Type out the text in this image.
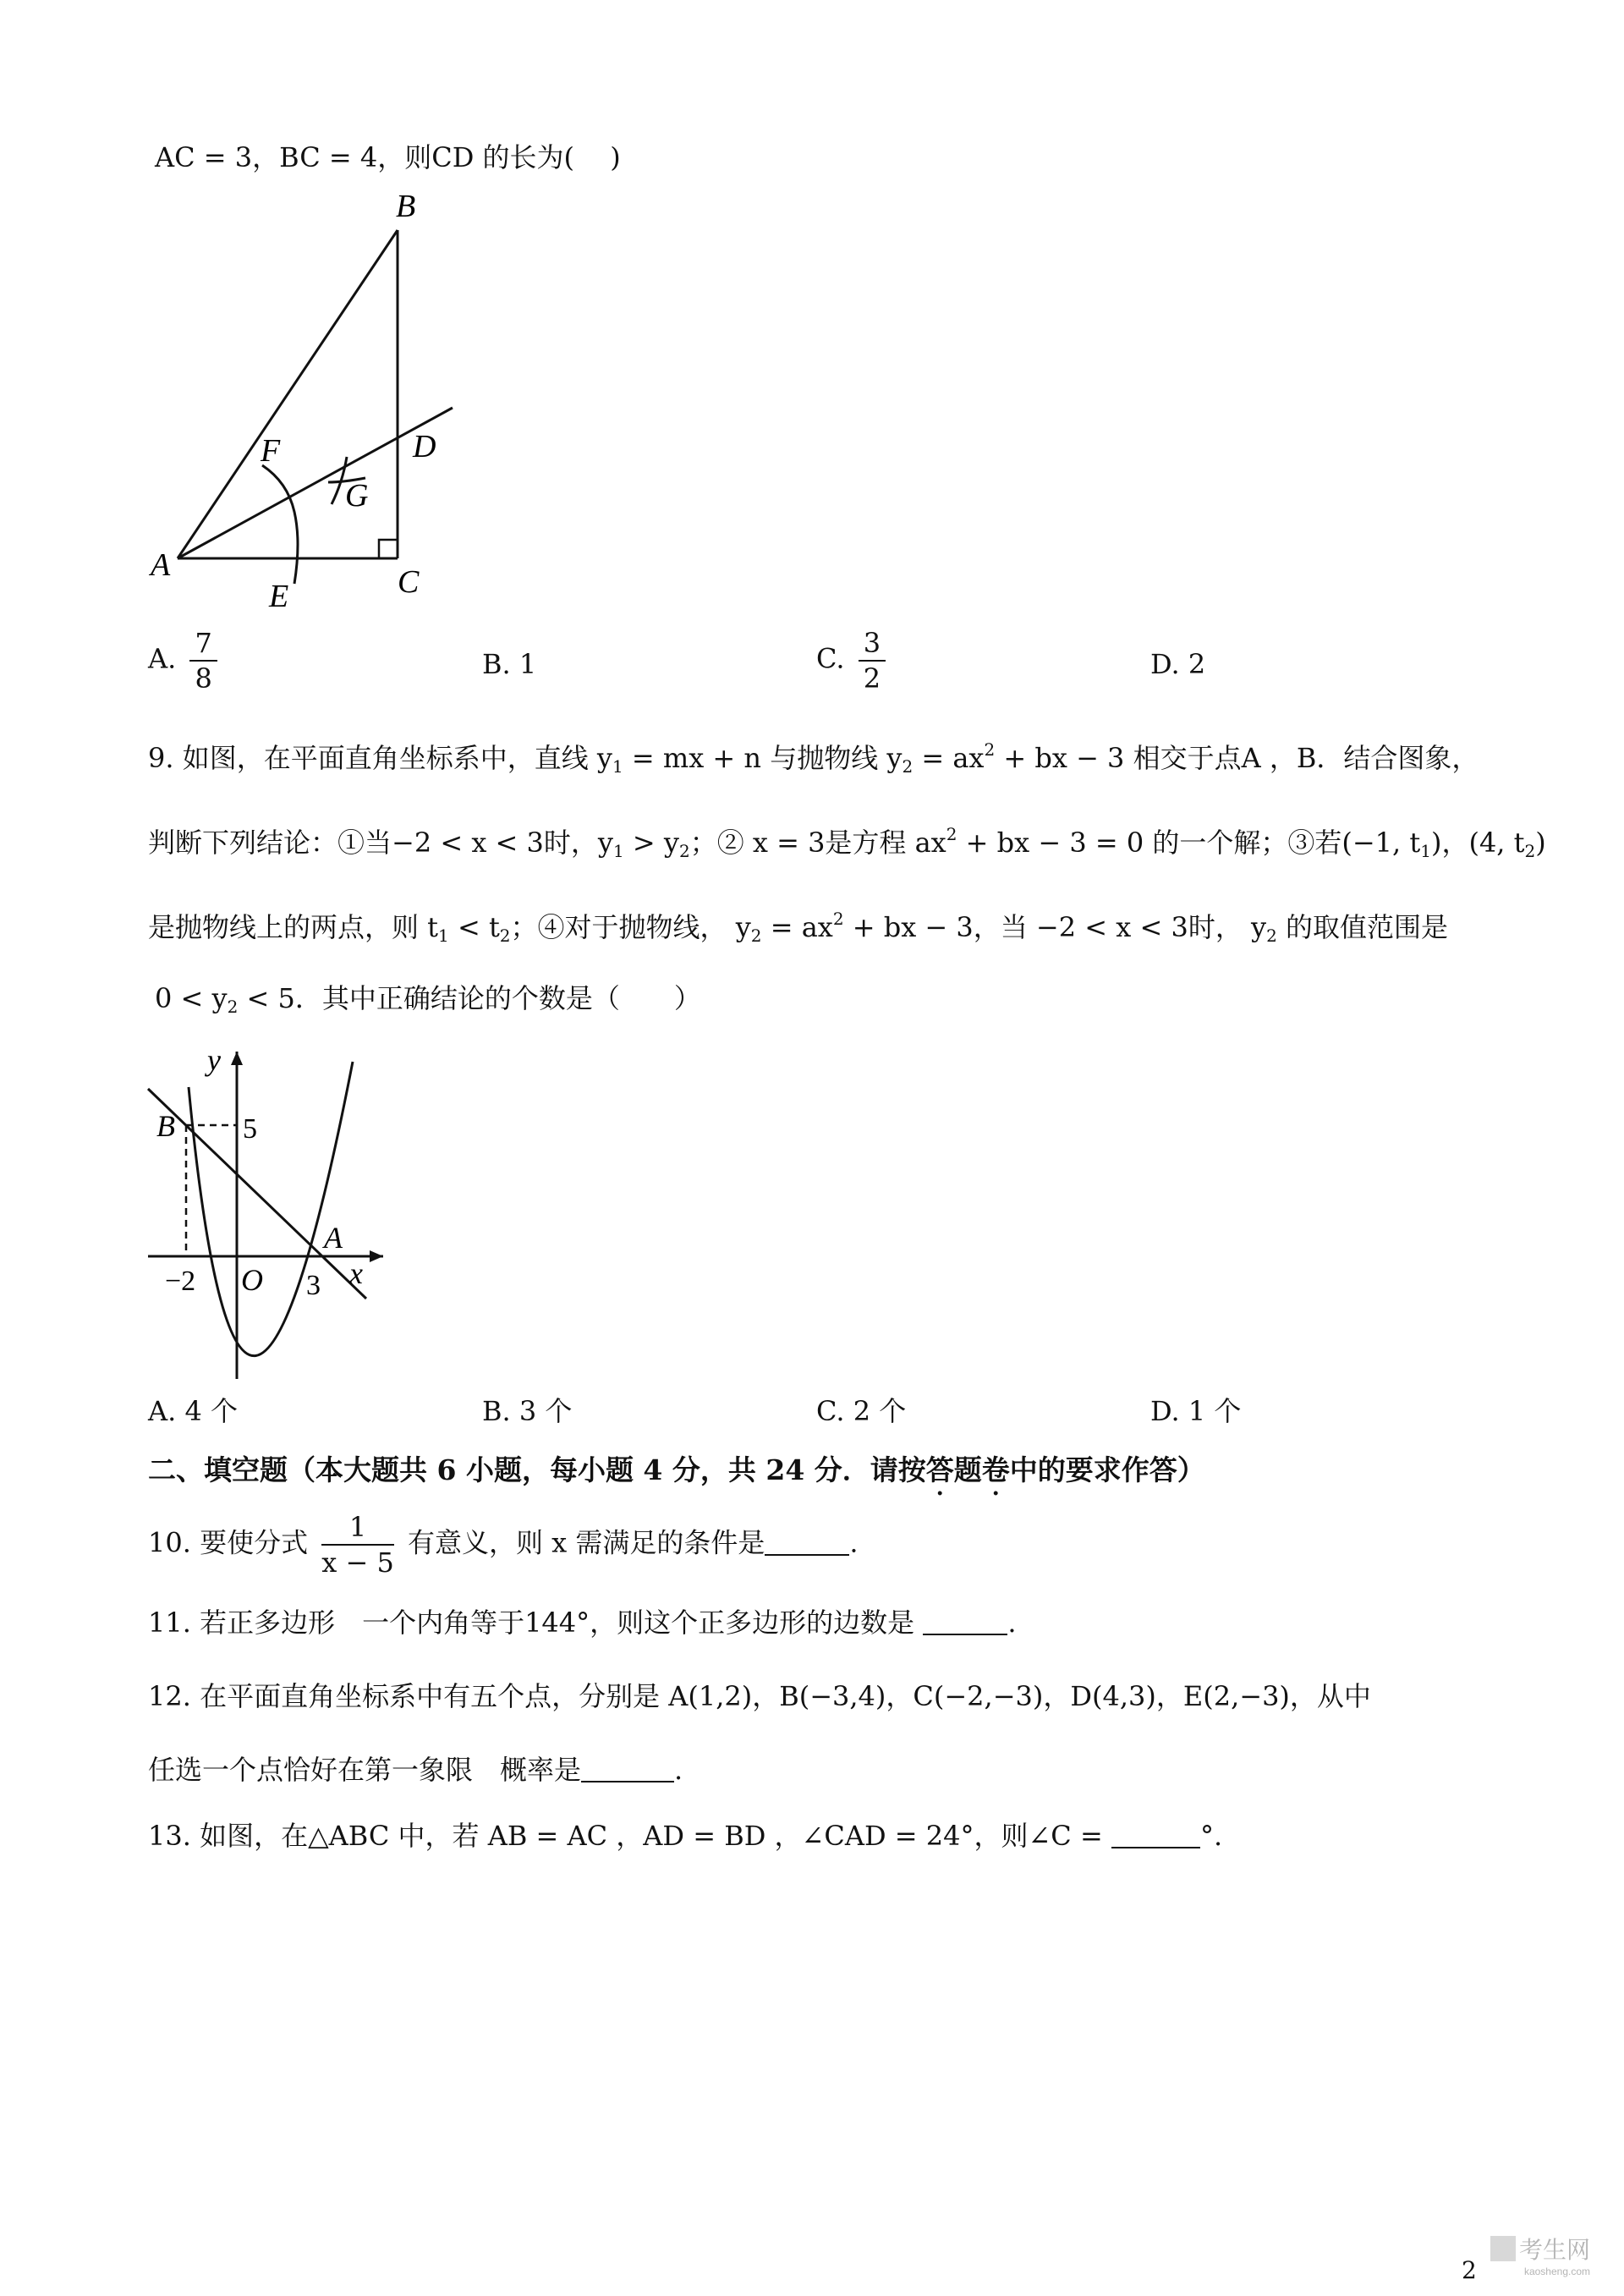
AC = 3，BC = 4，则CD 的长为(　 )
B
A	C
D
F
G
E
A. $\frac{7}{8}$	B. 1	C. $\frac{3}{2}$	D. 2
9. 如图，在平面直角坐标系中，直线 $y_1$ = mx + n 与抛物线 $y_2 = ax^2$ + bx − 3 相交于点A ，B．结合图象，
判断下列结论：①当−2 < x < 3时，$y_1 > y_2$；② x = 3是方程 $ax^2$ + bx − 3 = 0 的一个解；③若(−1, $t_1$)，(4, $t_2$)
是抛物线上的两点，则 $t_1 < t_2$；④对于抛物线， $y_2 = ax^2$ + bx − 3，当 −2 < x < 3时， $y_2$ 的取值范围是
$0 < y_2 < 5$．其中正确结论的个数是（　　）
y
x
B
A
O
5
−2	3
A. 4 个	B. 3 个	C. 2 个	D. 1 个
二、填空题（本大题共 6 小题，每小题 4 分，共 24 分．请按答题卷中的要求作答）
10. 要使分式 $\frac{1}{x - 5}$ 有意义，则 x 需满足的条件是	.
11. 若正多边形　一个内角等于144°，则这个正多边形的边数是	.
12. 在平面直角坐标系中有五个点，分别是 A(1,2)，B(−3,4)，C(−2,−3)，D(4,3)，E(2,−3)，从中
任选一个点恰好在第一象限　概率是	.
13. 如图，在△ABC 中，若 AB = AC ，AD = BD ，∠CAD = 24°，则∠C =	°.
2
考生网
kaosheng.com
